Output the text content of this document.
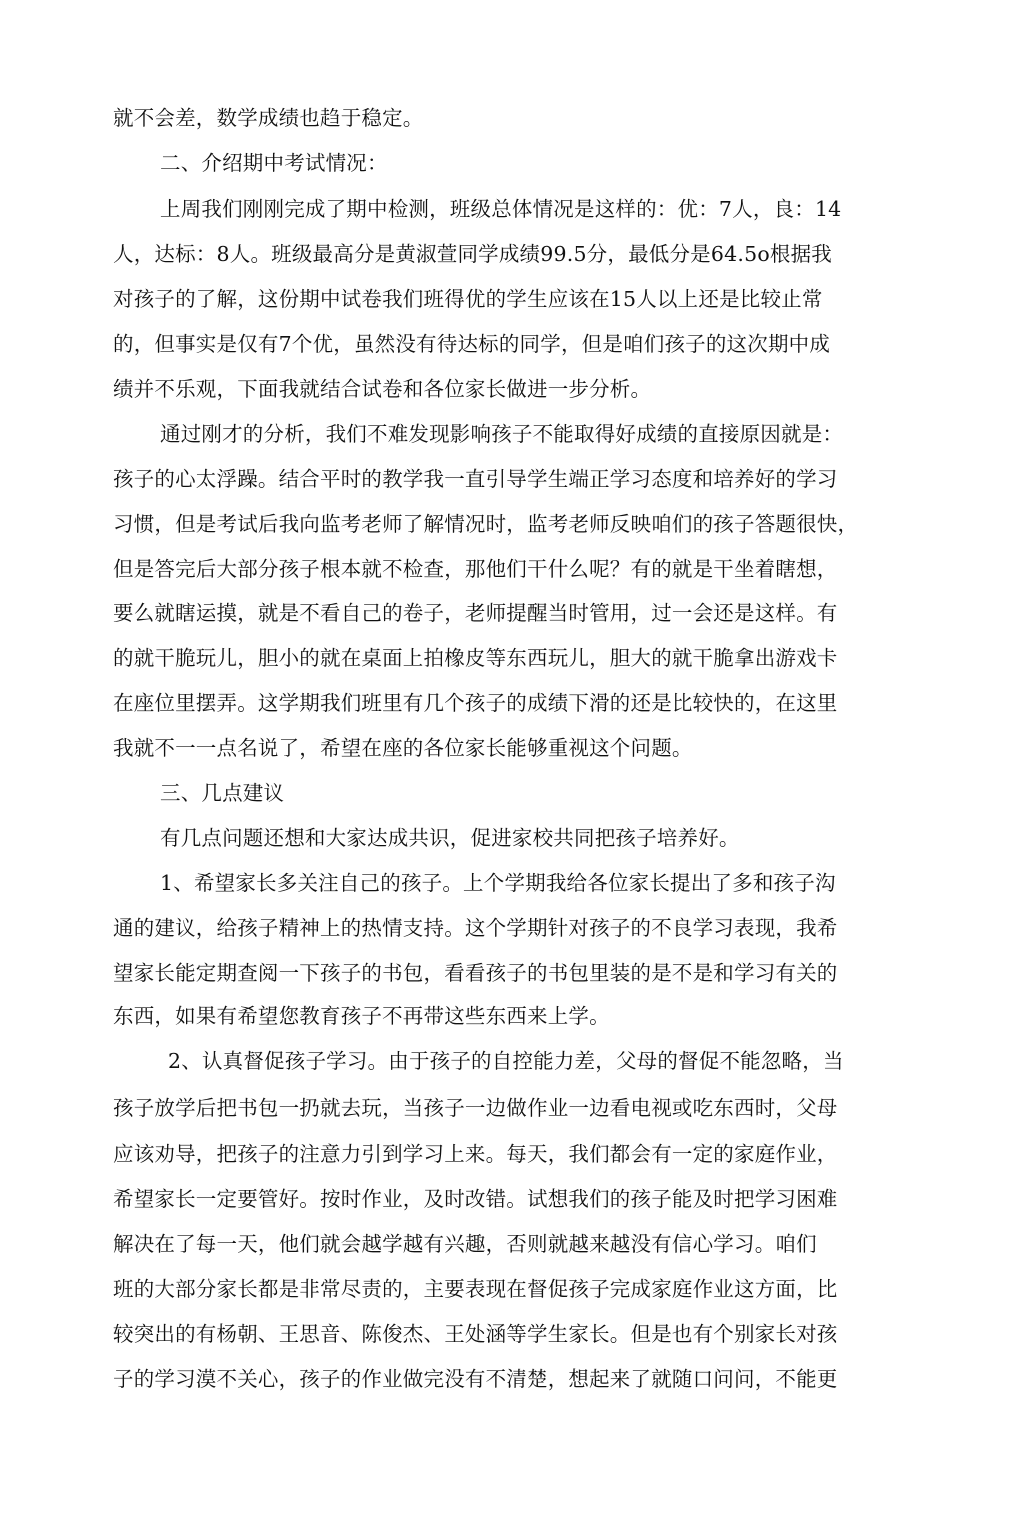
就不会差，数学成绩也趋于稳定。
二、介绍期中考试情况：
上周我们刚刚完成了期中检测，班级总体情况是这样的：优：7人，良：14
人，达标：8人。班级最高分是黄淑萱同学成绩99.5分，最低分是64.5o根据我
对孩子的了解，这份期中试卷我们班得优的学生应该在15人以上还是比较止常
的，但事实是仅有7个优，虽然没有待达标的同学，但是咱们孩子的这次期中成
绩并不乐观，下面我就结合试卷和各位家长做进一步分析。
通过刚才的分析，我们不难发现影响孩子不能取得好成绩的直接原因就是：
孩子的心太浮躁。结合平时的教学我一直引导学生端正学习态度和培养好的学习
习惯，但是考试后我向监考老师了解情况时，监考老师反映咱们的孩子答题很快，
但是答完后大部分孩子根本就不检查，那他们干什么呢？有的就是干坐着瞎想，
要么就瞎运摸，就是不看自己的卷子，老师提醒当时管用，过一会还是这样。有
的就干脆玩儿，胆小的就在桌面上拍橡皮等东西玩儿，胆大的就干脆拿出游戏卡
在座位里摆弄。这学期我们班里有几个孩子的成绩下滑的还是比较快的，在这里
我就不一一点名说了，希望在座的各位家长能够重视这个问题。
三、几点建议
有几点问题还想和大家达成共识，促进家校共同把孩子培养好。
1、希望家长多关注自己的孩子。上个学期我给各位家长提出了多和孩子沟
通的建议，给孩子精神上的热情支持。这个学期针对孩子的不良学习表现，我希
望家长能定期查阅一下孩子的书包，看看孩子的书包里装的是不是和学习有关的
东西，如果有希望您教育孩子不再带这些东西来上学。
2、认真督促孩子学习。由于孩子的自控能力差，父母的督促不能忽略，当
孩子放学后把书包一扔就去玩，当孩子一边做作业一边看电视或吃东西时，父母
应该劝导，把孩子的注意力引到学习上来。每天，我们都会有一定的家庭作业，
希望家长一定要管好。按时作业，及时改错。试想我们的孩子能及时把学习困难
解决在了每一天，他们就会越学越有兴趣，否则就越来越没有信心学习。咱们
班的大部分家长都是非常尽责的，主要表现在督促孩子完成家庭作业这方面，比
较突出的有杨朝、王思音、陈俊杰、王处涵等学生家长。但是也有个别家长对孩
子的学习漠不关心，孩子的作业做完没有不清楚，想起来了就随口问问，不能更
